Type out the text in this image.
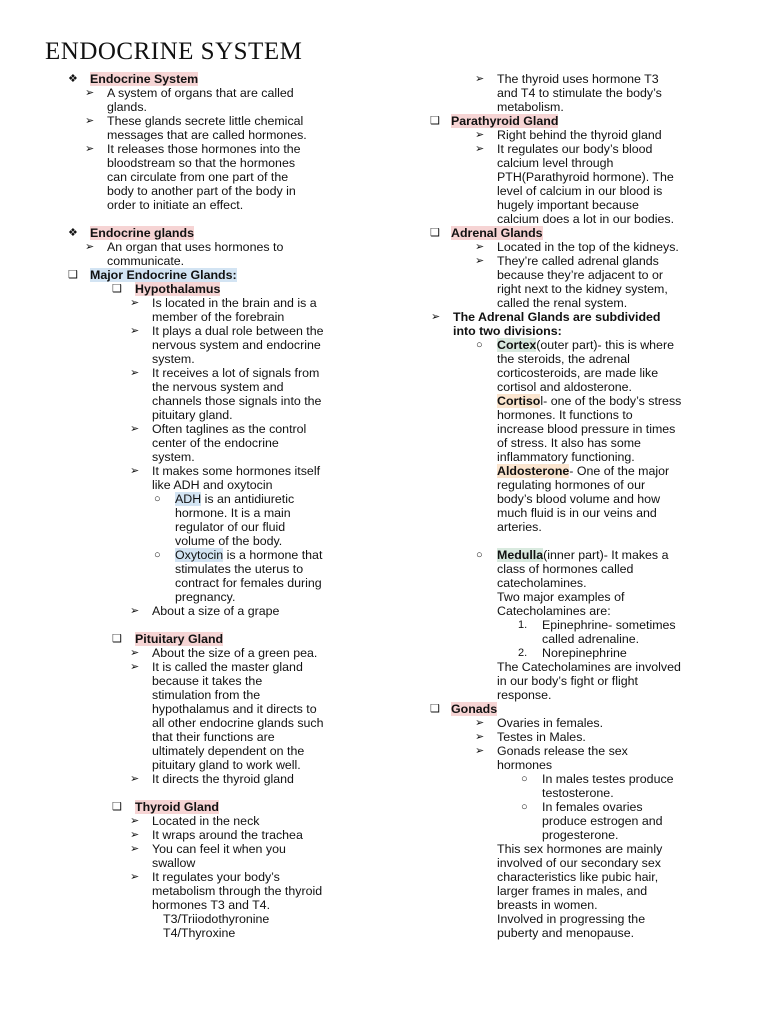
ENDOCRINE SYSTEM
❖ Endocrine System
➢ A system of organs that are called
glands.
➢ These glands secrete little chemical
messages that are called hormones.
➢ It releases those hormones into the
bloodstream so that the hormones
can circulate from one part of the
body to another part of the body in
order to initiate an effect.
❖ Endocrine glands
➢ An organ that uses hormones to
communicate.
❑ Major Endocrine Glands:
❑ Hypothalamus
➢ Is located in the brain and is a
member of the forebrain
➢ It plays a dual role between the
nervous system and endocrine
system.
➢ It receives a lot of signals from
the nervous system and
channels those signals into the
pituitary gland.
➢ Often taglines as the control
center of the endocrine
system.
➢ It makes some hormones itself
like ADH and oxytocin
○ ADH is an antidiuretic
hormone. It is a main
regulator of our fluid
volume of the body.
○ Oxytocin is a hormone that
stimulates the uterus to
contract for females during
pregnancy.
➢ About a size of a grape
❑ Pituitary Gland
➢ About the size of a green pea.
➢ It is called the master gland
because it takes the
stimulation from the
hypothalamus and it directs to
all other endocrine glands such
that their functions are
ultimately dependent on the
pituitary gland to work well.
➢ It directs the thyroid gland
❑ Thyroid Gland
➢ Located in the neck
➢ It wraps around the trachea
➢ You can feel it when you
swallow
➢ It regulates your body’s
metabolism through the thyroid
hormones T3 and T4.
T3/Triiodothyronine
T4/Thyroxine
➢ The thyroid uses hormone T3
and T4 to stimulate the body’s
metabolism.
❑ Parathyroid Gland
➢ Right behind the thyroid gland
➢ It regulates our body’s blood
calcium level through
PTH(Parathyroid hormone). The
level of calcium in our blood is
hugely important because
calcium does a lot in our bodies.
❑ Adrenal Glands
➢ Located in the top of the kidneys.
➢ They’re called adrenal glands
because they’re adjacent to or
right next to the kidney system,
called the renal system.
➢ The Adrenal Glands are subdivided
into two divisions:
○ Cortex(outer part)- this is where
the steroids, the adrenal
corticosteroids, are made like
cortisol and aldosterone.
Cortisol- one of the body’s stress
hormones. It functions to
increase blood pressure in times
of stress. It also has some
inflammatory functioning.
Aldosterone- One of the major
regulating hormones of our
body’s blood volume and how
much fluid is in our veins and
arteries.
○ Medulla(inner part)- It makes a
class of hormones called
catecholamines.
Two major examples of
Catecholamines are:
1. Epinephrine- sometimes
called adrenaline.
2. Norepinephrine
The Catecholamines are involved
in our body’s fight or flight
response.
❑ Gonads
➢ Ovaries in females.
➢ Testes in Males.
➢ Gonads release the sex
hormones
○ In males testes produce
testosterone.
○ In females ovaries
produce estrogen and
progesterone.
This sex hormones are mainly
involved of our secondary sex
characteristics like pubic hair,
larger frames in males, and
breasts in women.
Involved in progressing the
puberty and menopause.
